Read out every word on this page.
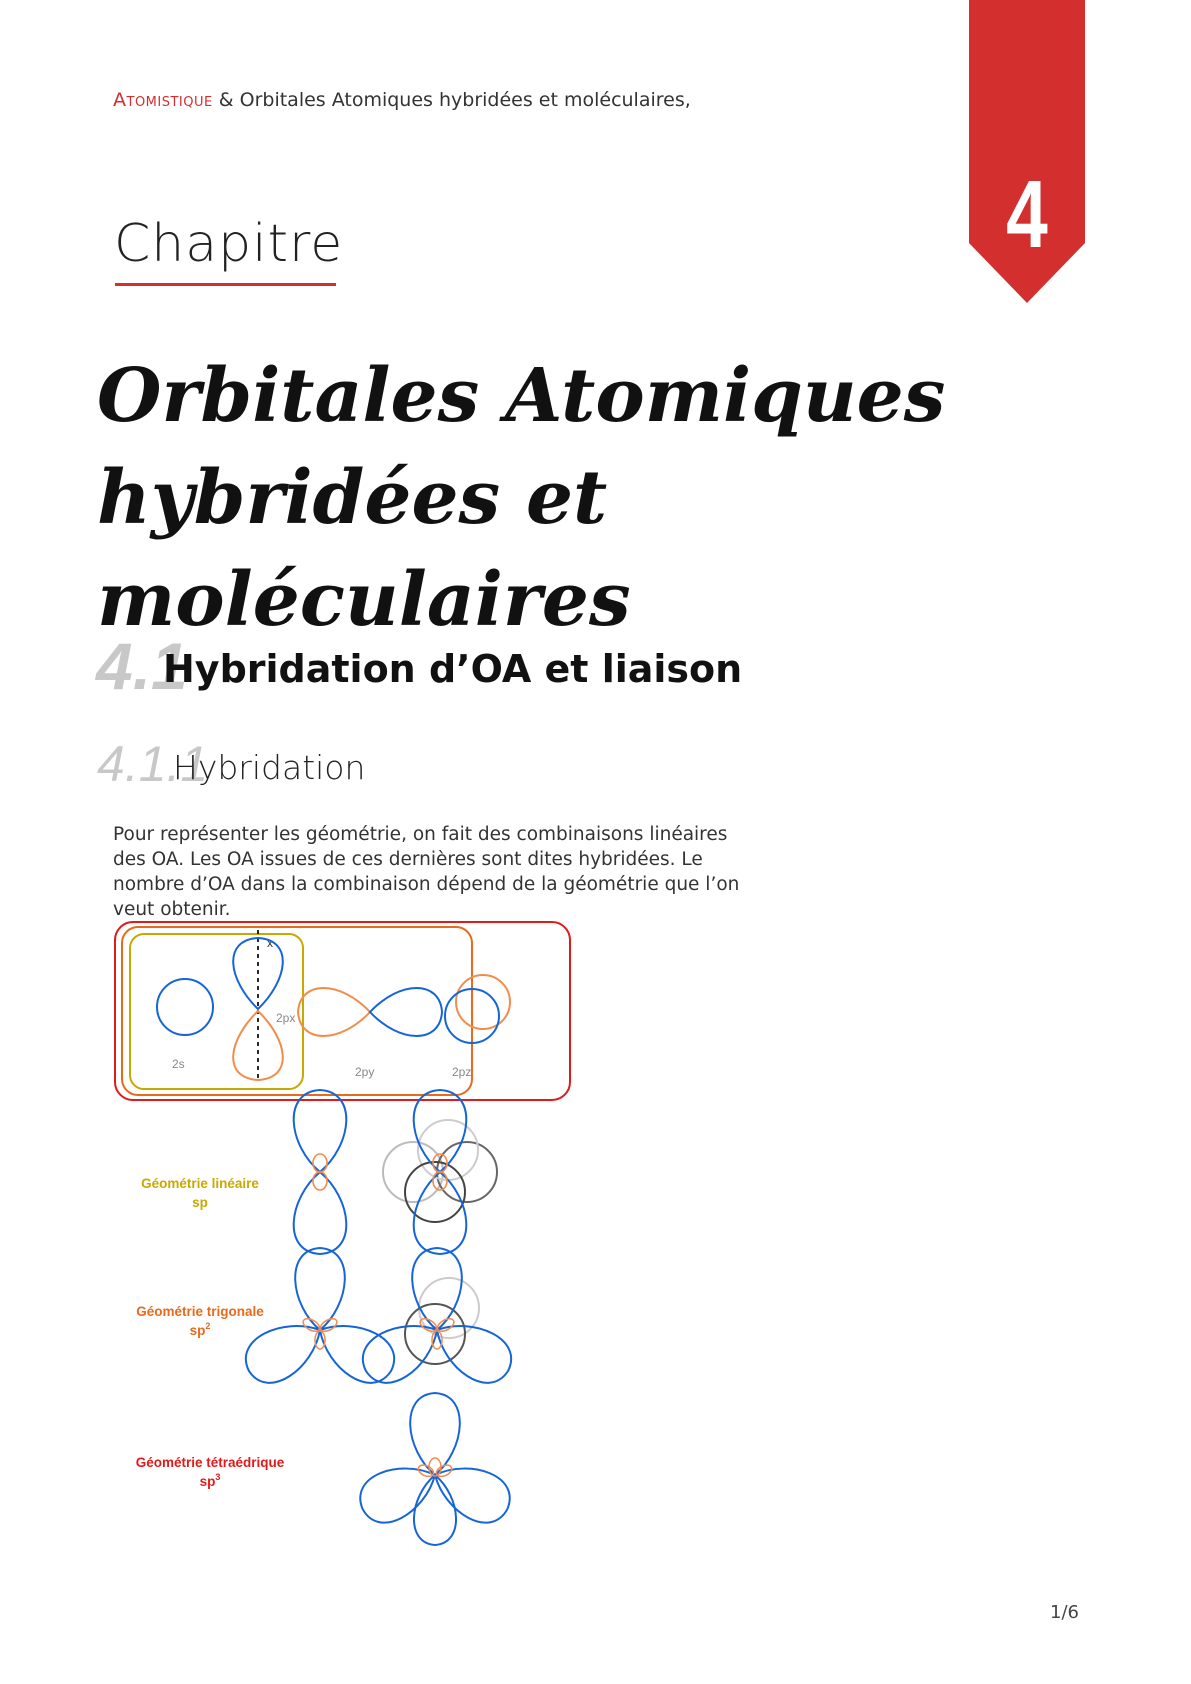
Atomistique & Orbitales Atomiques hybridées et moléculaires,
Chapitre	4
Orbitales Atomiques hybridées et
moléculaires
4.1
Hybridation d’OA et liaison
4.1.1
Hybridation
Pour représenter les géométrie, on fait des combinaisons linéaires des OA. Les OA issues de ces dernières sont dites hybridées. Le nombre d’OA dans la combinaison dépend de la géométrie que l’on veut obtenir.
2s
x
2px
2py	2pz
Géométrie linéaire
sp
Géométrie trigonale
$sp^2$
Géométrie tétraédrique
$sp^3$
1/6
